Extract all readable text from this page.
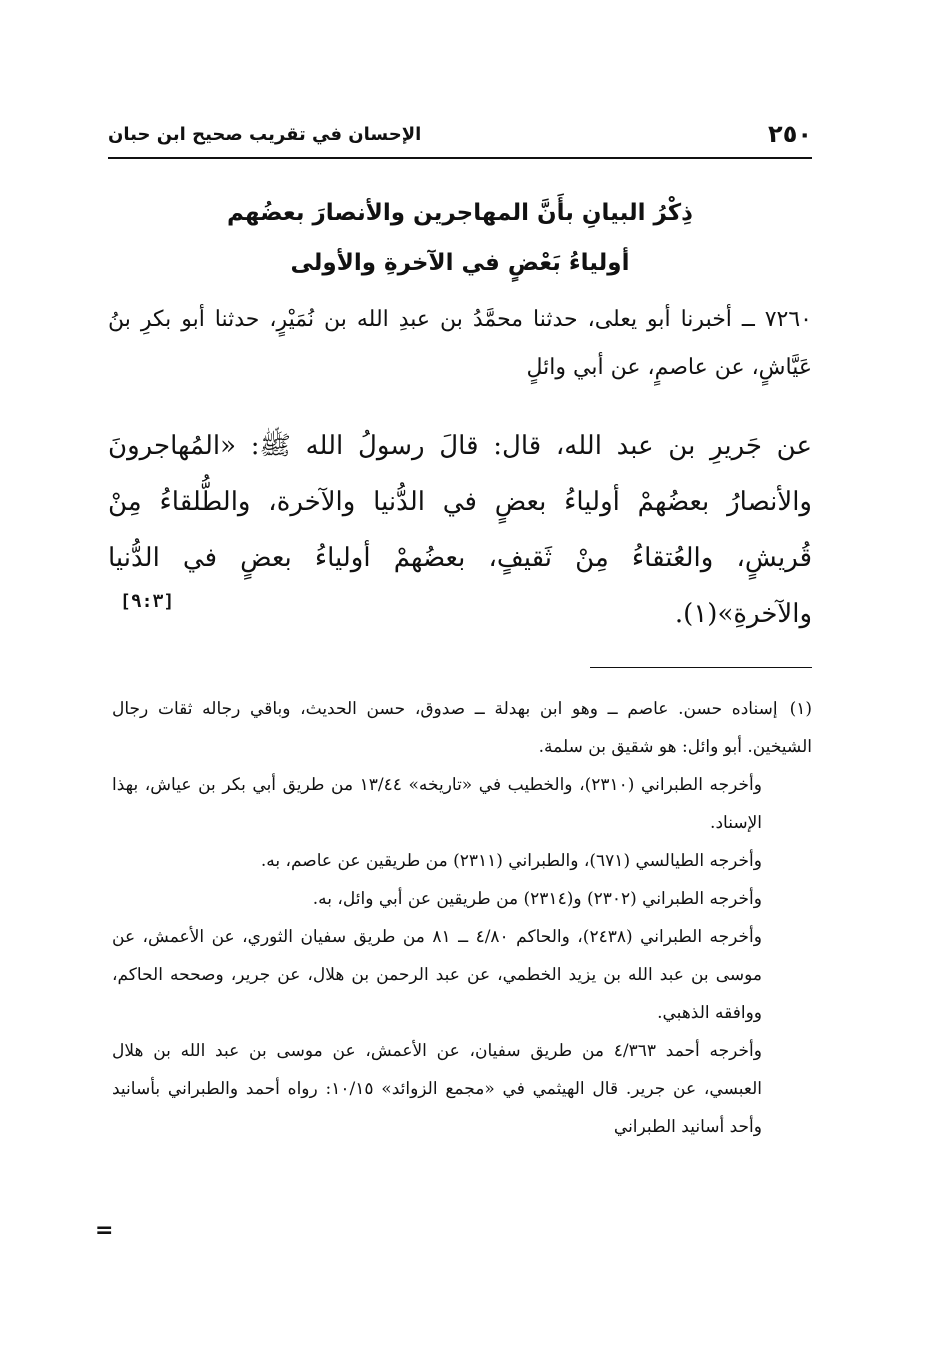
٢٥٠
الإحسان في تقريب صحيح ابن حبان
ذِكْرُ البيانِ بأَنَّ المهاجرين والأنصارَ بعضُهم
أولياءُ بَعْضٍ في الآخرةِ والأولى
٧٢٦٠ ــ أخبرنا أبو يعلى، حدثنا محمَّدُ بن عبدِ الله بن نُمَيْرٍ، حدثنا أبو بكرِ بنُ عَيَّاشٍ، عن عاصمٍ، عن أبي وائلٍ
عن جَريرِ بن عبد الله، قال: قالَ رسولُ الله ﷺ: «المُهاجرونَ والأنصارُ بعضُهمْ أولياءُ بعضٍ في الدُّنيا والآخرة، والطُّلقاءُ مِنْ قُريشٍ، والعُتقاءُ مِنْ ثَقيفٍ، بعضُهمْ أولياءُ بعضٍ في الدُّنيا والآخرةِ»(١).
[٩:٣]

(١)إسناده حسن. عاصم ــ وهو ابن بهدلة ــ صدوق، حسن الحديث، وباقي رجاله ثقات رجال الشيخين. أبو وائل: هو شقيق بن سلمة.

وأخرجه الطبراني (٢٣١٠)، والخطيب في «تاريخه» ١٣/٤٤ من طريق أبي بكر بن عياش، بهذا الإسناد.

وأخرجه الطيالسي (٦٧١)، والطبراني (٢٣١١) من طريقين عن عاصم، به.

وأخرجه الطبراني (٢٣٠٢) و(٢٣١٤) من طريقين عن أبي وائل، به.

وأخرجه الطبراني (٢٤٣٨)، والحاكم ٤/٨٠ ــ ٨١ من طريق سفيان الثوري، عن الأعمش، عن موسى بن عبد الله بن يزيد الخطمي، عن عبد الرحمن بن هلال، عن جرير، وصححه الحاكم، ووافقه الذهبي.

وأخرجه أحمد ٤/٣٦٣ من طريق سفيان، عن الأعمش، عن موسى بن عبد الله بن هلال العبسي، عن جرير. قال الهيثمي في «مجمع الزوائد» ١٠/١٥: رواه أحمد والطبراني بأسانيد وأحد أسانيد الطبراني

=
